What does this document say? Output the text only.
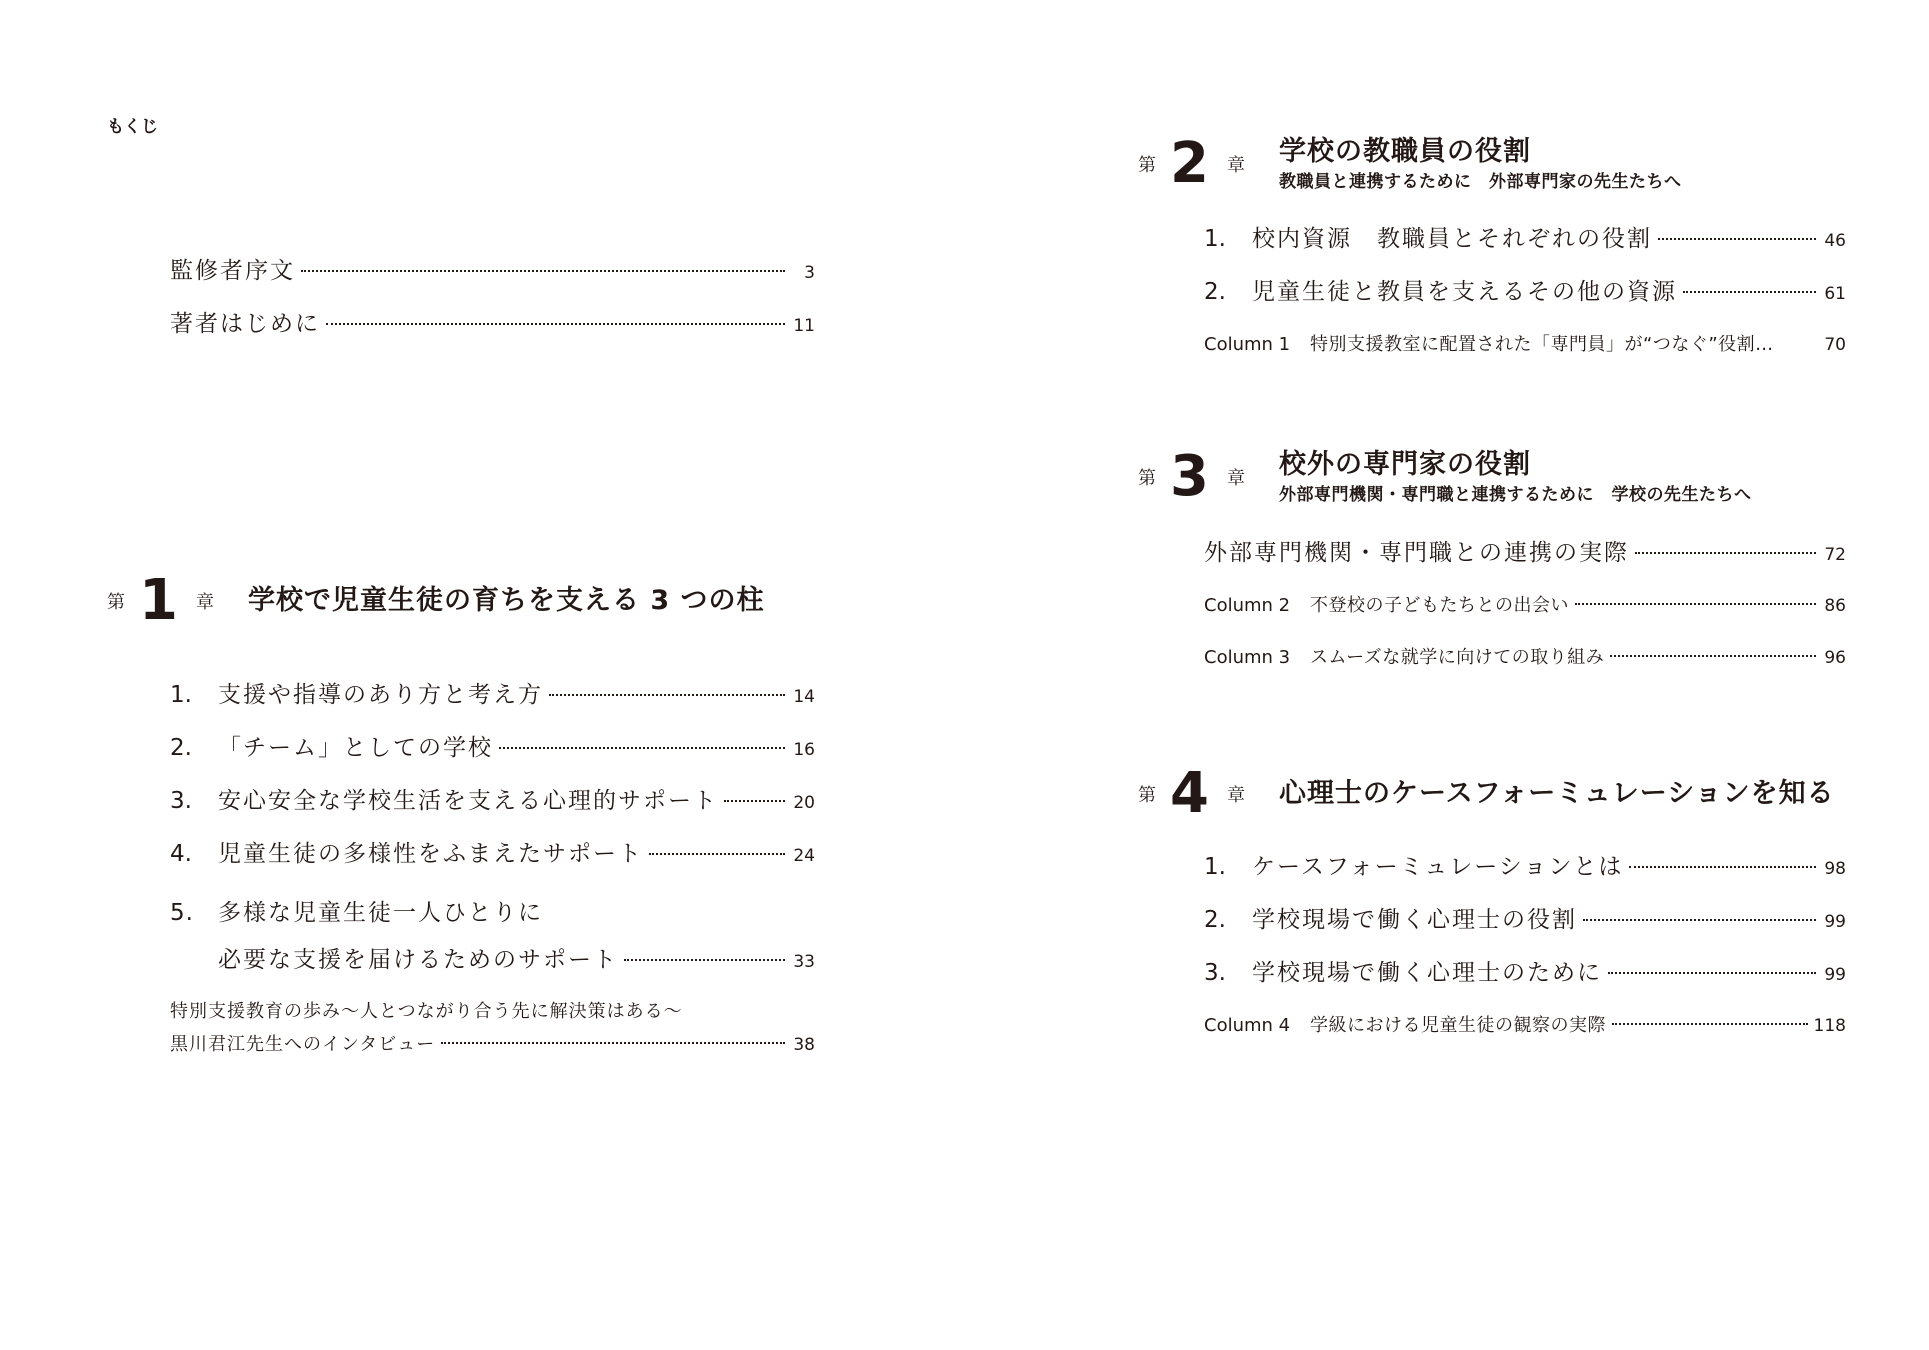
もくじ
監修者序文	3
著者はじめに	11
第 1 章 学校で児童生徒の育ちを支える 3 つの柱
1.	支援や指導のあり方と考え方	14
2.	「チーム」としての学校	16
3.	安心安全な学校生活を支える心理的サポート	20
4.	児童生徒の多様性をふまえたサポート	24
5. 多様な児童生徒一人ひとりに
必要な支援を届けるためのサポート	33
特別支援教育の歩み～人とつながり合う先に解決策はある～
黒川君江先生へのインタビュー	38
第 2 章 学校の教職員の役割
教職員と連携するために　外部専門家の先生たちへ
1.	校内資源　教職員とそれぞれの役割	46
2.	児童生徒と教員を支えるその他の資源	61
Column 1	特別支援教室に配置された「専門員」が“つなぐ”役割…	70
第 3 章 校外の専門家の役割
外部専門機関・専門職と連携するために　学校の先生たちへ
外部専門機関・専門職との連携の実際	72
Column 2	不登校の子どもたちとの出会い	86
Column 3	スムーズな就学に向けての取り組み	96
第 4 章 心理士のケースフォーミュレーションを知る
1.	ケースフォーミュレーションとは	98
2.	学校現場で働く心理士の役割	99
3.	学校現場で働く心理士のために	99
Column 4	学級における児童生徒の観察の実際	118
